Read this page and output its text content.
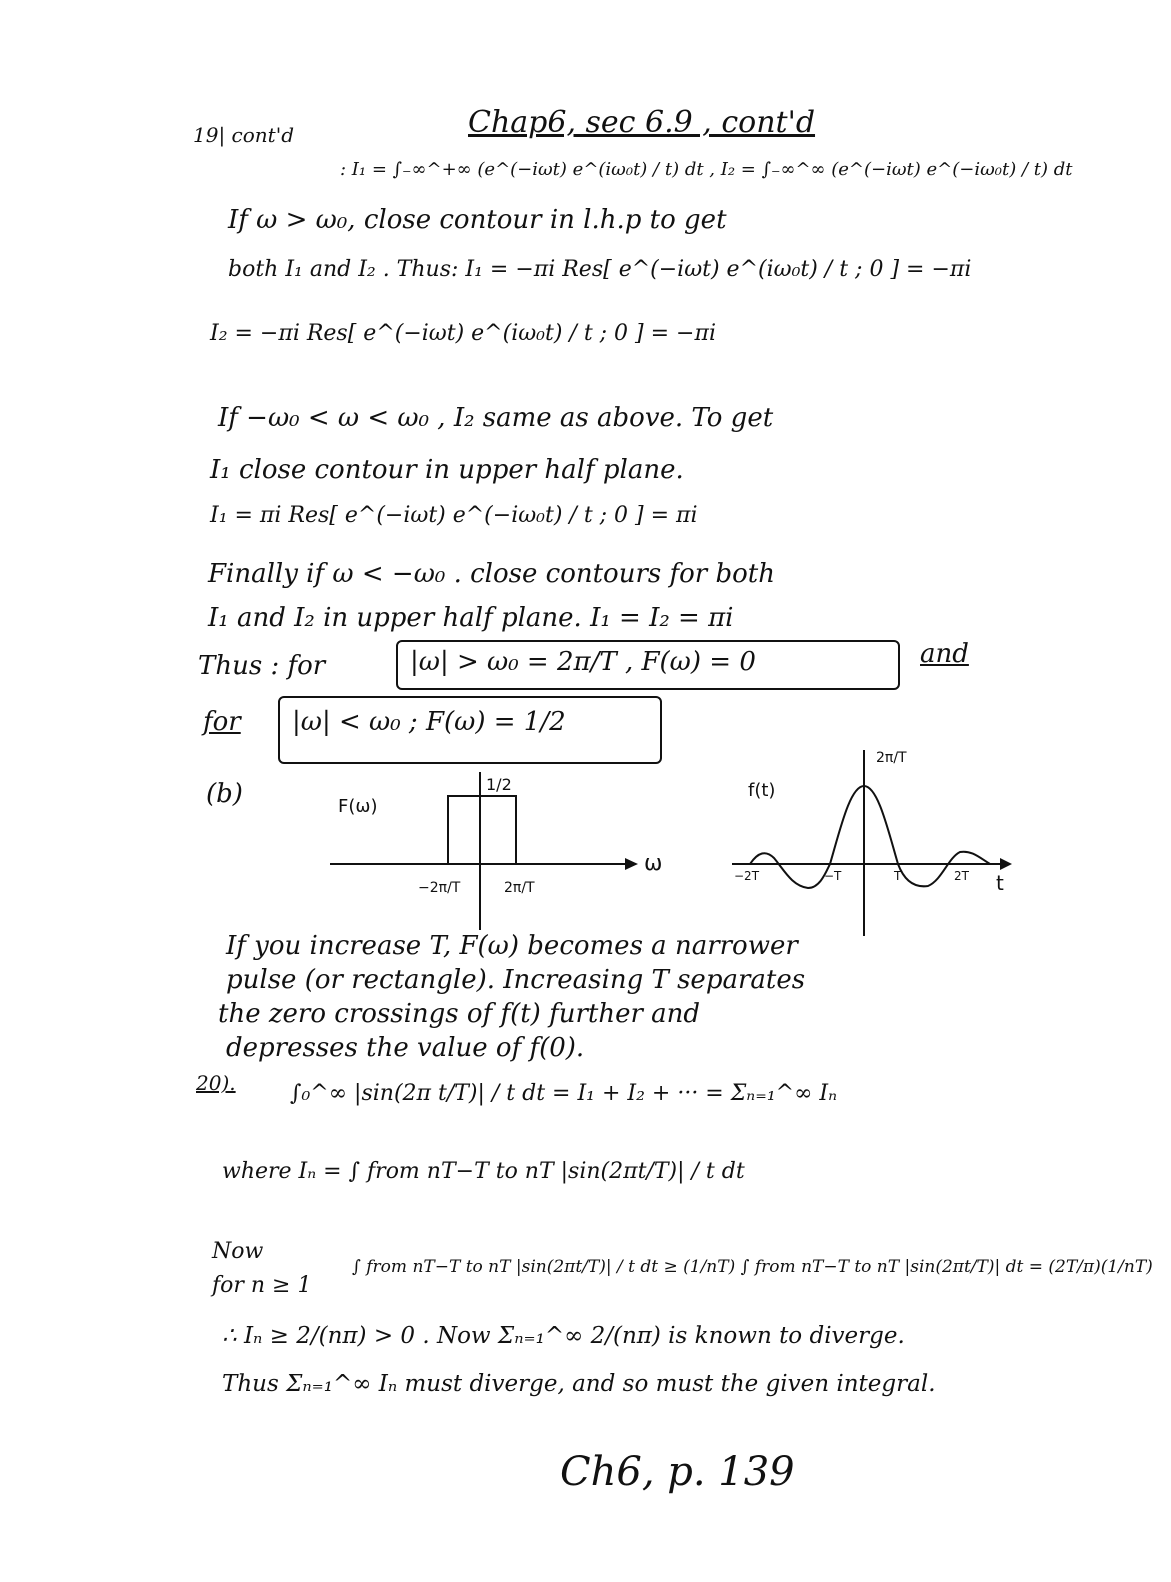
19| cont'd	Chap6, sec 6.9 , cont'd
: I₁ = ∫₋∞^+∞ (e^(−iωt) e^(iω₀t) / t) dt , I₂ = ∫₋∞^∞ (e^(−iωt) e^(−iω₀t) / t) dt
If ω > ω₀, close contour in l.h.p to get
both I₁ and I₂ . Thus: I₁ = −πi Res[ e^(−iωt) e^(iω₀t) / t ; 0 ] = −πi
I₂ = −πi Res[ e^(−iωt) e^(iω₀t) / t ; 0 ] = −πi
If −ω₀ < ω < ω₀ , I₂ same as above. To get
I₁ close contour in upper half plane.
I₁ = πi Res[ e^(−iωt) e^(−iω₀t) / t ; 0 ] = πi
Finally if ω < −ω₀ . close contours for both
I₁ and I₂ in upper half plane. I₁ = I₂ = πi
Thus : for	|ω| > ω₀ = 2π/T , F(ω) = 0	and
for |ω| < ω₀ ; F(ω) = 1/2
(b)	F(ω)
1/2
ω
−2π/T	2π/T
f(t)
2π/T
t
−2T	−T	T	2T
If you increase T, F(ω) becomes a narrower
pulse (or rectangle). Increasing T separates
the zero crossings of f(t) further and
depresses the value of f(0).
20). ∫₀^∞ |sin(2π t/T)| / t dt = I₁ + I₂ + ··· = Σₙ₌₁^∞ Iₙ
where Iₙ = ∫ from nT−T to nT |sin(2πt/T)| / t dt
Now
for n ≥ 1
∫ from nT−T to nT |sin(2πt/T)| / t dt ≥ (1/nT) ∫ from nT−T to nT |sin(2πt/T)| dt = (2T/π)(1/nT)
∴ Iₙ ≥ 2/(nπ) > 0 . Now Σₙ₌₁^∞ 2/(nπ) is known to diverge.
Thus Σₙ₌₁^∞ Iₙ must diverge, and so must the given integral.
Ch6, p. 139
